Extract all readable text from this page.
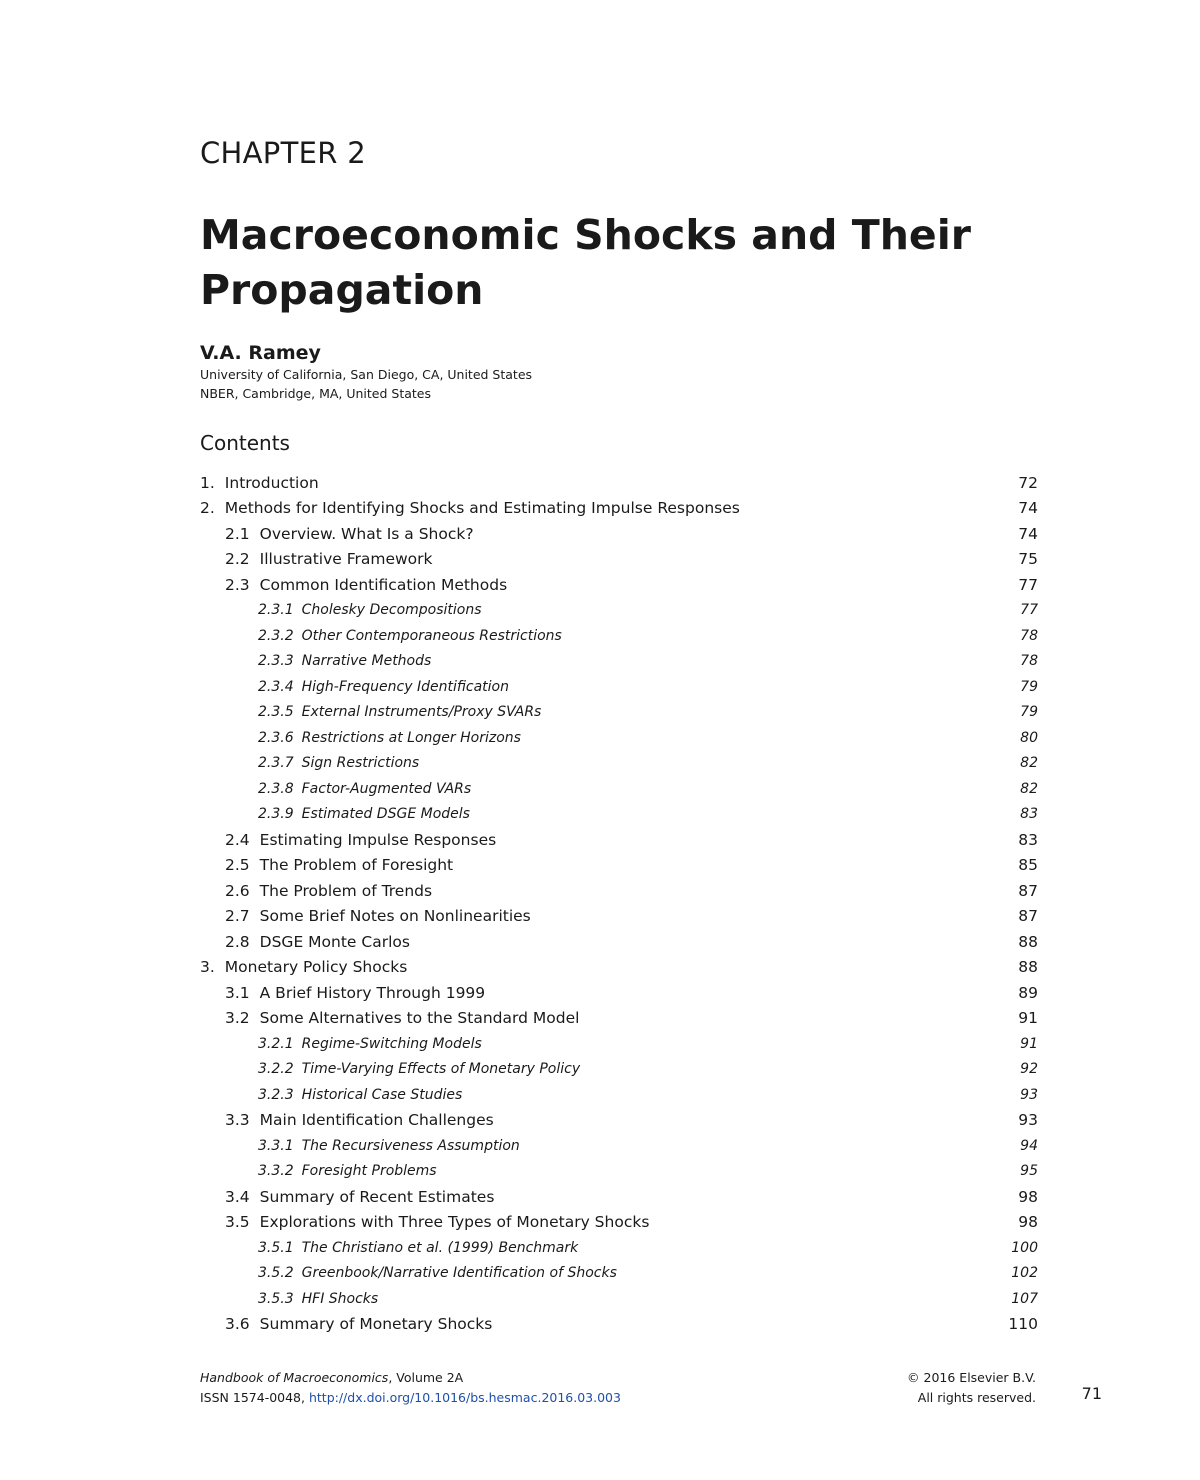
CHAPTER 2
Macroeconomic Shocks and Their Propagation
V.A. Ramey
University of California, San Diego, CA, United States
NBER, Cambridge, MA, United States
Contents
1. Introduction	72
2. Methods for Identifying Shocks and Estimating Impulse Responses	74
2.1 Overview. What Is a Shock?	74
2.2 Illustrative Framework	75
2.3 Common Identification Methods	77
2.3.1 Cholesky Decompositions	77
2.3.2 Other Contemporaneous Restrictions	78
2.3.3 Narrative Methods	78
2.3.4 High-Frequency Identification	79
2.3.5 External Instruments/Proxy SVARs	79
2.3.6 Restrictions at Longer Horizons	80
2.3.7 Sign Restrictions	82
2.3.8 Factor-Augmented VARs	82
2.3.9 Estimated DSGE Models	83
2.4 Estimating Impulse Responses	83
2.5 The Problem of Foresight	85
2.6 The Problem of Trends	87
2.7 Some Brief Notes on Nonlinearities	87
2.8 DSGE Monte Carlos	88
3. Monetary Policy Shocks	88
3.1 A Brief History Through 1999	89
3.2 Some Alternatives to the Standard Model	91
3.2.1 Regime-Switching Models	91
3.2.2 Time-Varying Effects of Monetary Policy	92
3.2.3 Historical Case Studies	93
3.3 Main Identification Challenges	93
3.3.1 The Recursiveness Assumption	94
3.3.2 Foresight Problems	95
3.4 Summary of Recent Estimates	98
3.5 Explorations with Three Types of Monetary Shocks	98
3.5.1 The Christiano et al. (1999) Benchmark	100
3.5.2 Greenbook/Narrative Identification of Shocks	102
3.5.3 HFI Shocks	107
3.6 Summary of Monetary Shocks	110
Handbook of Macroeconomics, Volume 2A
ISSN 1574-0048, http://dx.doi.org/10.1016/bs.hesmac.2016.03.003
© 2016 Elsevier B.V.
All rights reserved.	71
